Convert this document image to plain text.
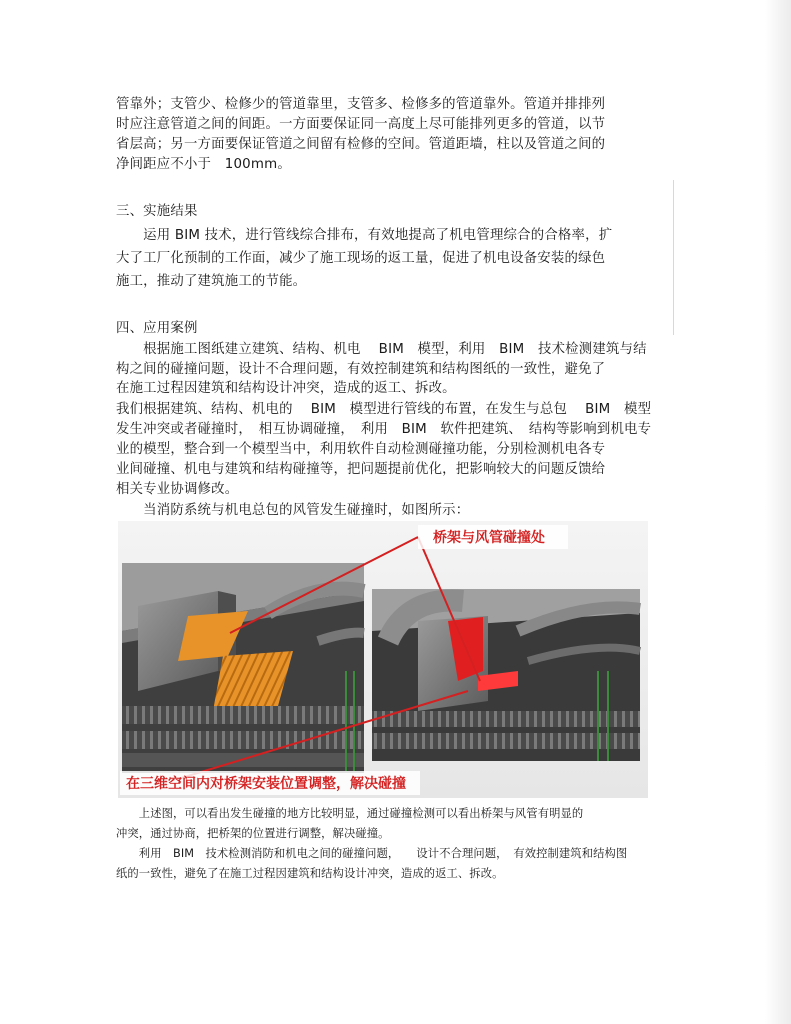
管靠外；支管少、检修少的管道靠里，支管多、检修多的管道靠外。管道并排排列
时应注意管道之间的间距。一方面要保证同一高度上尽可能排列更多的管道，以节
省层高；另一方面要保证管道之间留有检修的空间。管道距墙，柱以及管道之间的
净间距应不小于　100mm。
三、实施结果
　　运用 BIM 技术，进行管线综合排布，有效地提高了机电管理综合的合格率，扩
大了工厂化预制的工作面，减少了施工现场的返工量，促进了机电设备安装的绿色
施工，推动了建筑施工的节能。
四、应用案例
　　根据施工图纸建立建筑、结构、机电　 BIM　模型，利用　BIM　技术检测建筑与结
构之间的碰撞问题，设计不合理问题，有效控制建筑和结构图纸的一致性，避免了
在施工过程因建筑和结构设计冲突，造成的返工、拆改。
我们根据建筑、结构、机电的　 BIM　模型进行管线的布置，在发生与总包　 BIM　模型
发生冲突或者碰撞时，　相互协调碰撞，　利用　BIM　软件把建筑、　结构等影响到机电专
业的模型，整合到一个模型当中，利用软件自动检测碰撞功能，分别检测机电各专
业间碰撞、机电与建筑和结构碰撞等，把问题提前优化，把影响较大的问题反馈给
相关专业协调修改。
　　当消防系统与机电总包的风管发生碰撞时，如图所示：
桥架与风管碰撞处
在三维空间内对桥架安装位置调整，解决碰撞
　　上述图，可以看出发生碰撞的地方比较明显，通过碰撞检测可以看出桥架与风管有明显的
冲突，通过协商，把桥架的位置进行调整，解决碰撞。
　　利用　BIM　技术检测消防和机电之间的碰撞问题，　　设计不合理问题，　有效控制建筑和结构图
纸的一致性，避免了在施工过程因建筑和结构设计冲突，造成的返工、拆改。
